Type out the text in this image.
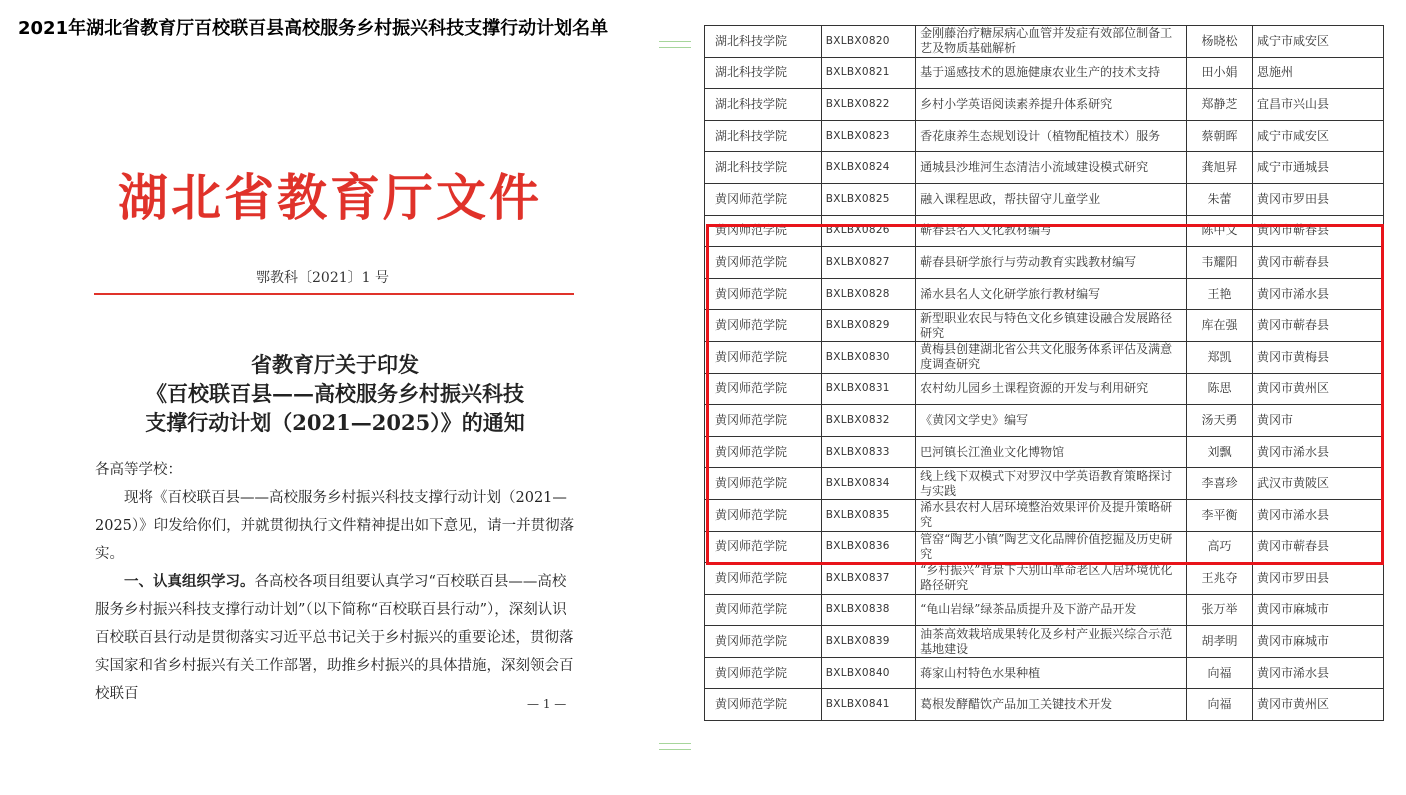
2021年湖北省教育厅百校联百县高校服务乡村振兴科技支撑行动计划名单
湖北省教育厅文件
鄂教科〔2021〕1 号
省教育厅关于印发
《百校联百县——高校服务乡村振兴科技
支撑行动计划（2021—2025）》的通知

各高等学校：

现将《百校联百县——高校服务乡村振兴科技支撑行动计划（2021—2025）》印发给你们，并就贯彻执行文件精神提出如下意见，请一并贯彻落实。

一、认真组织学习。各高校各项目组要认真学习“百校联百县——高校服务乡村振兴科技支撑行动计划”（以下简称“百校联百县行动”），深刻认识百校联百县行动是贯彻落实习近平总书记关于乡村振兴的重要论述，贯彻落实国家和省乡村振兴有关工作部署，助推乡村振兴的具体措施，深刻领会百校联百

— 1 —
湖北科技学院	BXLBX0820	金刚藤治疗糖尿病心血管并发症有效部位制备工艺及物质基础解析	杨晓松	咸宁市咸安区
湖北科技学院	BXLBX0821	基于遥感技术的恩施健康农业生产的技术支持	田小娟	恩施州
湖北科技学院	BXLBX0822	乡村小学英语阅读素养提升体系研究	郑静芝	宜昌市兴山县
湖北科技学院	BXLBX0823	香花康养生态规划设计（植物配植技术）服务	蔡朝晖	咸宁市咸安区
湖北科技学院	BXLBX0824	通城县沙堆河生态清洁小流域建设模式研究	龚旭昇	咸宁市通城县
黄冈师范学院	BXLBX0825	融入课程思政，帮扶留守儿童学业	朱蕾	黄冈市罗田县
黄冈师范学院	BXLBX0826	蕲春县名人文化教材编写	陈中文	黄冈市蕲春县
黄冈师范学院	BXLBX0827	蕲春县研学旅行与劳动教育实践教材编写	韦耀阳	黄冈市蕲春县
黄冈师范学院	BXLBX0828	浠水县名人文化研学旅行教材编写	王艳	黄冈市浠水县
黄冈师范学院	BXLBX0829	新型职业农民与特色文化乡镇建设融合发展路径研究	库在强	黄冈市蕲春县
黄冈师范学院	BXLBX0830	黄梅县创建湖北省公共文化服务体系评估及满意度调查研究	郑凯	黄冈市黄梅县
黄冈师范学院	BXLBX0831	农村幼儿园乡土课程资源的开发与利用研究	陈思	黄冈市黄州区
黄冈师范学院	BXLBX0832	《黄冈文学史》编写	汤天勇	黄冈市
黄冈师范学院	BXLBX0833	巴河镇长江渔业文化博物馆	刘飘	黄冈市浠水县
黄冈师范学院	BXLBX0834	线上线下双模式下对罗汉中学英语教育策略探讨与实践	李喜珍	武汉市黄陂区
黄冈师范学院	BXLBX0835	浠水县农村人居环境整治效果评价及提升策略研究	李平衡	黄冈市浠水县
黄冈师范学院	BXLBX0836	管窑“陶艺小镇”陶艺文化品牌价值挖掘及历史研究	高巧	黄冈市蕲春县
黄冈师范学院	BXLBX0837	“乡村振兴”背景下大别山革命老区人居环境优化路径研究	王兆夺	黄冈市罗田县
黄冈师范学院	BXLBX0838	“龟山岩绿”绿茶品质提升及下游产品开发	张万举	黄冈市麻城市
黄冈师范学院	BXLBX0839	油茶高效栽培成果转化及乡村产业振兴综合示范基地建设	胡孝明	黄冈市麻城市
黄冈师范学院	BXLBX0840	蒋家山村特色水果种植	向福	黄冈市浠水县
黄冈师范学院	BXLBX0841	葛根发酵醋饮产品加工关键技术开发	向福	黄冈市黄州区
